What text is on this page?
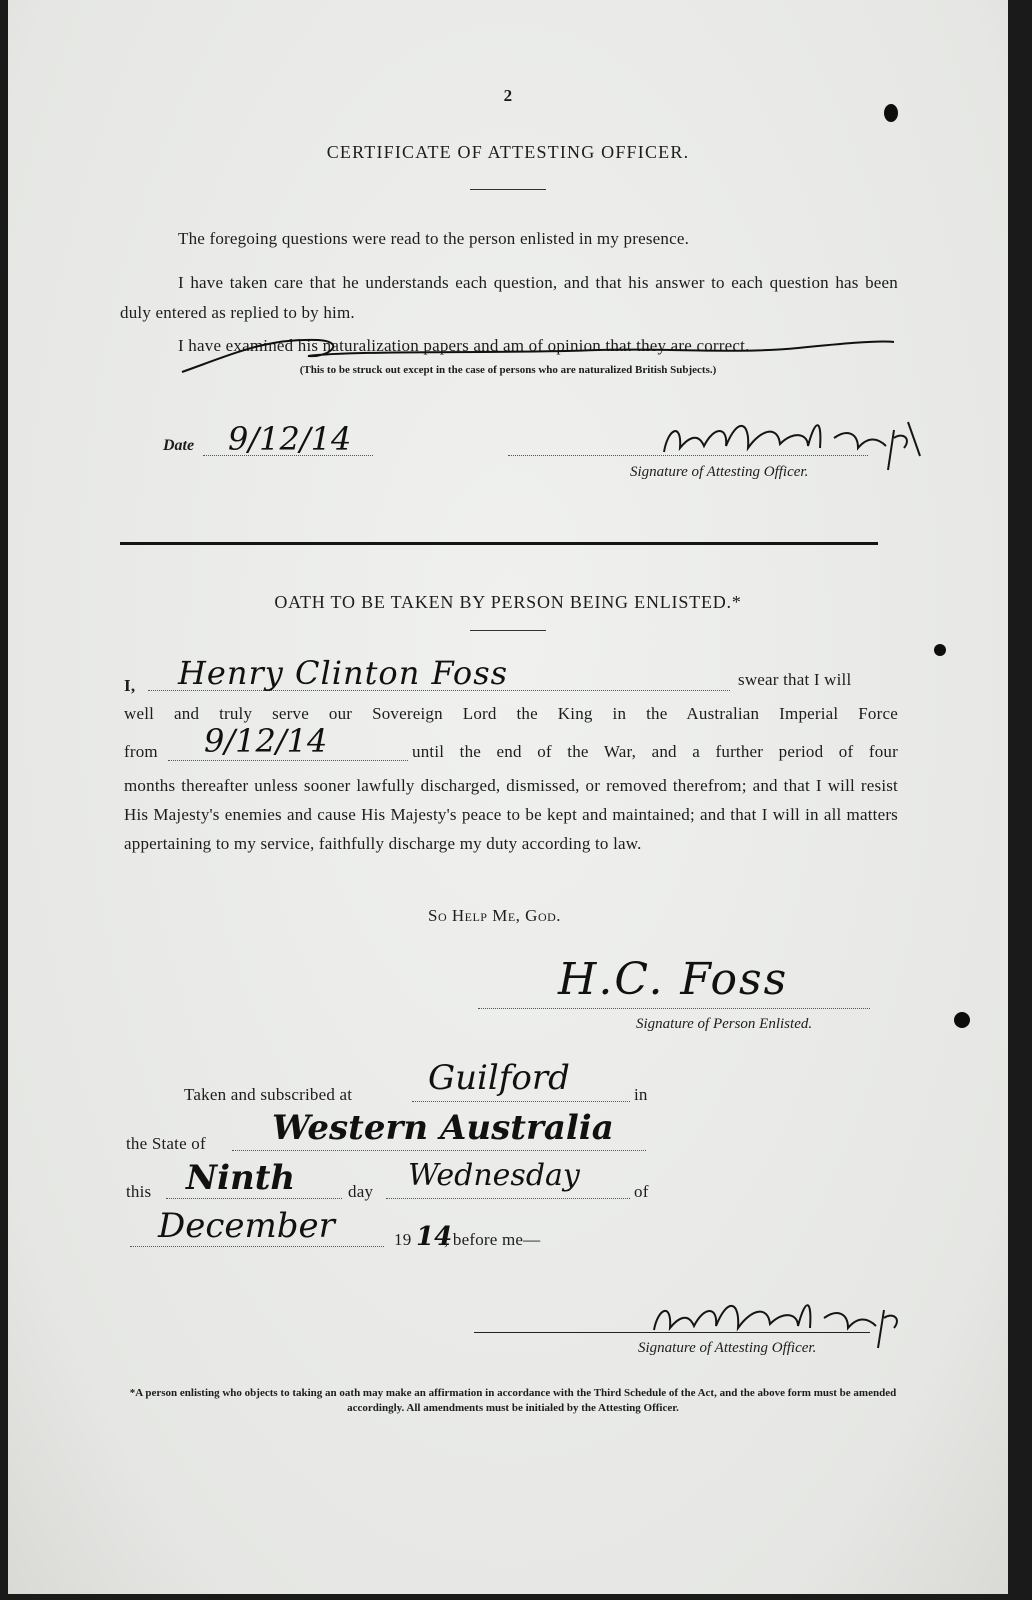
2
CERTIFICATE OF ATTESTING OFFICER.
The foregoing questions were read to the person enlisted in my presence.
I have taken care that he understands each question, and that his answer to each question has been duly entered as replied to by him.
I have examined his naturalization papers and am of opinion that they are correct.
(This to be struck out except in the case of persons who are naturalized British Subjects.)
Date 9/12/14
Signature of Attesting Officer.
OATH TO BE TAKEN BY PERSON BEING ENLISTED.*
I, Henry Clinton Foss	swear that I will
well and truly serve our Sovereign Lord the King in the Australian Imperial Force
from 9/12/14	until the end of the War, and a further period of four
months thereafter unless sooner lawfully discharged, dismissed, or removed therefrom; and that I will resist His Majesty's enemies and cause His Majesty's peace to be kept and maintained; and that I will in all matters appertaining to my service, faithfully discharge my duty according to law.
So Help Me, God.
H.C. Foss
Signature of Person Enlisted.
Taken and subscribed at Guilford	in
the State of Western Australia
this Ninth	day Wednesday	of
December	19 14
, before me—
Signature of Attesting Officer.
*A person enlisting who objects to taking an oath may make an affirmation in accordance with the Third Schedule of the Act, and the above form must be amended accordingly. All amendments must be initialed by the Attesting Officer.
